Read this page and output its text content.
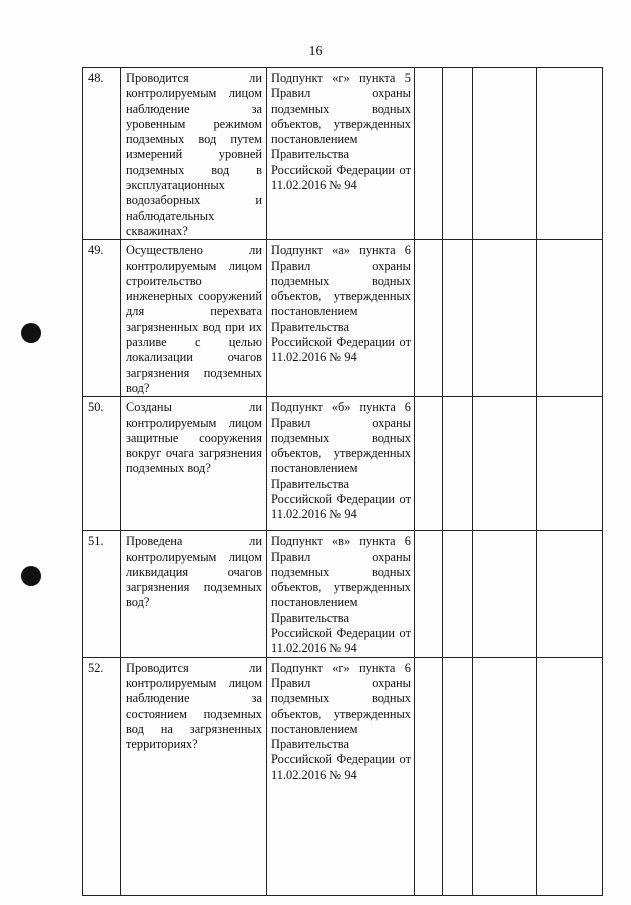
16
48.	Проводится ли контролируемым лицом наблюдение за уровенным режимом подземных вод путем измерений уровней подземных вод в эксплуатационных водозаборных и наблюдательных скважинах?	Подпункт «г» пункта 5 Правил охраны подземных водных объектов, утвержденных постановлением Правительства Российской Федерации от 11.02.2016 № 94				
49.	Осуществлено ли контролируемым лицом строительство инженерных сооружений для перехвата загрязненных вод при их разливе с целью локализации очагов загрязнения подземных вод?	Подпункт «а» пункта 6 Правил охраны подземных водных объектов, утвержденных постановлением Правительства Российской Федерации от 11.02.2016 № 94				
50.	Созданы ли контролируемым лицом защитные сооружения вокруг очага загрязнения подземных вод?	Подпункт «б» пункта 6 Правил охраны подземных водных объектов, утвержденных постановлением Правительства Российской Федерации от 11.02.2016 № 94				
51.	Проведена ли контролируемым лицом ликвидация очагов загрязнения подземных вод?	Подпункт «в» пункта 6 Правил охраны подземных водных объектов, утвержденных постановлением Правительства Российской Федерации от 11.02.2016 № 94				
52.	Проводится ли контролируемым лицом наблюдение за состоянием подземных вод на загрязненных территориях?	Подпункт «г» пункта 6 Правил охраны подземных водных объектов, утвержденных постановлением Правительства Российской Федерации от 11.02.2016 № 94				
